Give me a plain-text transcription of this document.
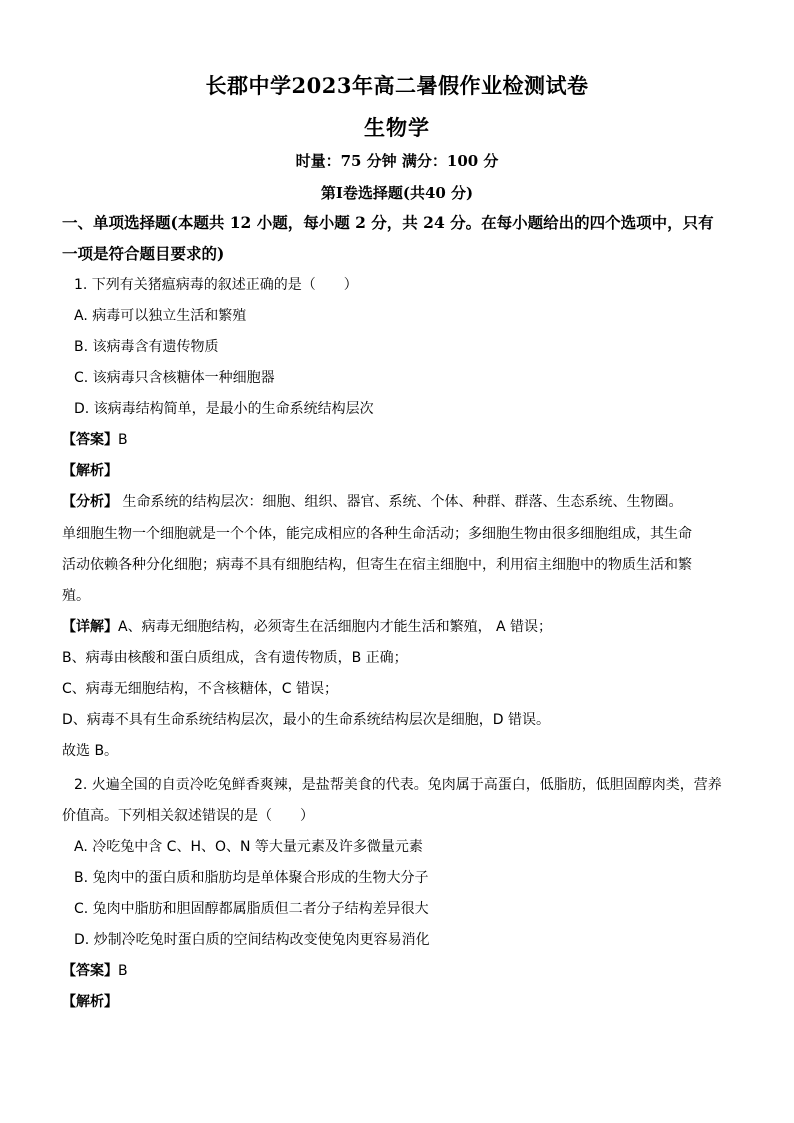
长郡中学2023年高二暑假作业检测试卷
生物学
时量：75 分钟 满分：100 分
第Ⅰ卷选择题(共40 分)
一、单项选择题(本题共 12 小题，每小题 2 分，共 24 分。在每小题给出的四个选项中，只有
一项是符合题目要求的)
1. 下列有关猪瘟病毒的叙述正确的是（　　）
A. 病毒可以独立生活和繁殖
B. 该病毒含有遗传物质
C. 该病毒只含核糖体一种细胞器
D. 该病毒结构简单，是最小的生命系统结构层次
【答案】B
【解析】
【分析】 生命系统的结构层次：细胞、组织、器官、系统、个体、种群、群落、生态系统、生物圈。
单细胞生物一个细胞就是一个个体，能完成相应的各种生命活动；多细胞生物由很多细胞组成，其生命
活动依赖各种分化细胞；病毒不具有细胞结构，但寄生在宿主细胞中，利用宿主细胞中的物质生活和繁
殖。
【详解】A、病毒无细胞结构，必须寄生在活细胞内才能生活和繁殖， A 错误；
B、病毒由核酸和蛋白质组成，含有遗传物质，B 正确；
C、病毒无细胞结构，不含核糖体，C 错误；
D、病毒不具有生命系统结构层次，最小的生命系统结构层次是细胞，D 错误。
故选 B。
2. 火遍全国的自贡冷吃兔鲜香爽辣，是盐帮美食的代表。兔肉属于高蛋白，低脂肪，低胆固醇肉类，营养
价值高。下列相关叙述错误的是（　　）
A. 冷吃兔中含 C、H、O、N 等大量元素及许多微量元素
B. 兔肉中的蛋白质和脂肪均是单体聚合形成的生物大分子
C. 兔肉中脂肪和胆固醇都属脂质但二者分子结构差异很大
D. 炒制冷吃兔时蛋白质的空间结构改变使兔肉更容易消化
【答案】B
【解析】
